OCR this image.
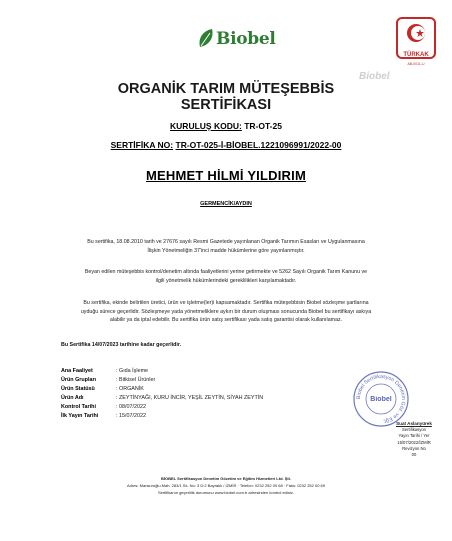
Biobel
TÜRKAK
AB-0011-U
Biobel
ORGANİK TARIM MÜTEŞEBBİS
SERTİFİKASI
KURULUŞ KODU: TR-OT-25
SERTİFİKA NO: TR-OT-025-İ-BİOBEL.1221096991/2022-00
MEHMET HİLMİ YILDIRIM
GERMENCİK/AYDIN
Bu sertifika, 18.08.2010 tarih ve 27676 sayılı Resmi Gazetede yayınlanan Organik Tarımın Esasları ve Uygulanmasına İlişkin Yönetmeliğin 37'inci madde hükümlerine göre yayınlanmıştır.
Beyan edilen müteşebbis kontrol/denetim altında faaliyetlerini yerine getirmekte ve 5262 Sayılı Organik Tarım Kanunu ve ilgili yönetmelik hükümlerindeki gereklilikleri karşılamaktadır.
Bu sertifika, ekinde belirtilen üretici, ürün ve işletme(ler)i kapsamaktadır. Sertifika müteşebbisin Biobel sözleşme şartlarına uyduğu sürece geçerlidir. Sözleşmeye yada yönetmeliklere aykırı bir durum oluşması sonucunda Biobel bu sertifikayı askıya alabilir ya da iptal edebilir. Bu sertifika ürün satış sertifikası yada satış garantisi olarak kullanılamaz.
Bu Sertifika 14/07/2023 tarihine kadar geçerlidir.
Ana Faaliyet	: Gıda İşleme
Ürün Grupları	: Bitkisel Ürünler
Ürün Statüsü	: ORGANİK
Ürün Adı	: ZEYTİNYAĞI, KURU İNCİR, YEŞİL ZEYTİN, SİYAH ZEYTİN
Kontrol Tarihi	: 08/07/2022
İlk Yayın Tarihi	: 15/07/2022
Biobel Sertifikasyon Denetim Göz. ve Eğt.
Biobel
Suat Aslanyürek
Sertifikasyon
Yayın Tarihi / Yer
15/07/2022/İZMİR
Revizyon No
00
BİOBEL Sertifikasyon Denetim Gözetim ve Eğitim Hizmetleri Ltd. Şti.
Adres: Mansuroğlu Mah. 283/1 Sk. No: 3 D:2 Bayraklı / İZMİR · Telefon: 0232 252 00 68 · Faks: 0232 252 00 69
Sertifikanın geçerlilik durumunu www.biobel.com.tr adresinden kontrol ediniz.
